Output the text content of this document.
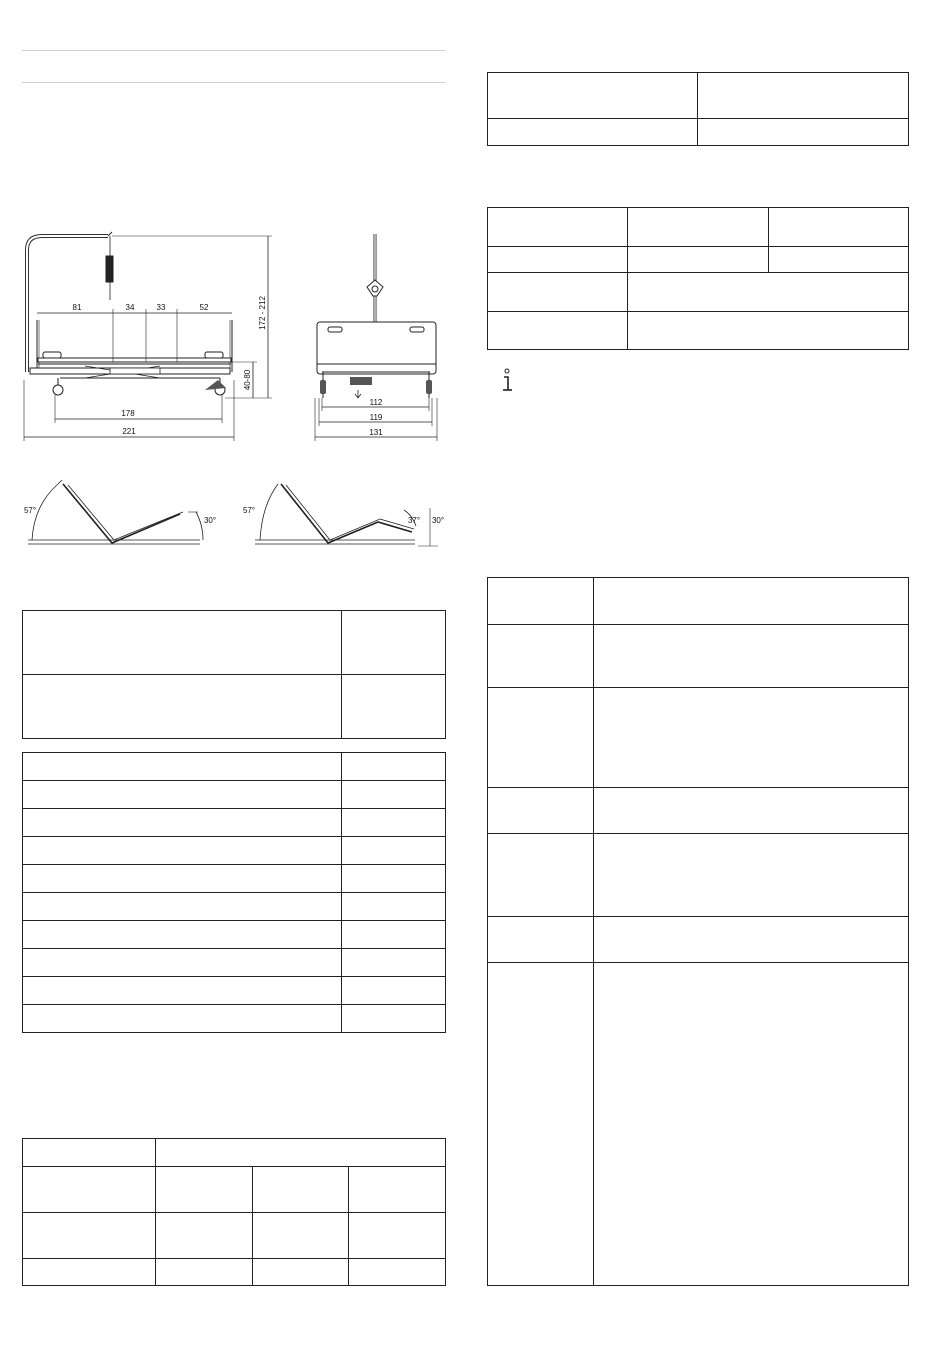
81	34	33	52	172 - 212
40-80
178
221
112
119
131
57°
30°
57°
37° 30°
